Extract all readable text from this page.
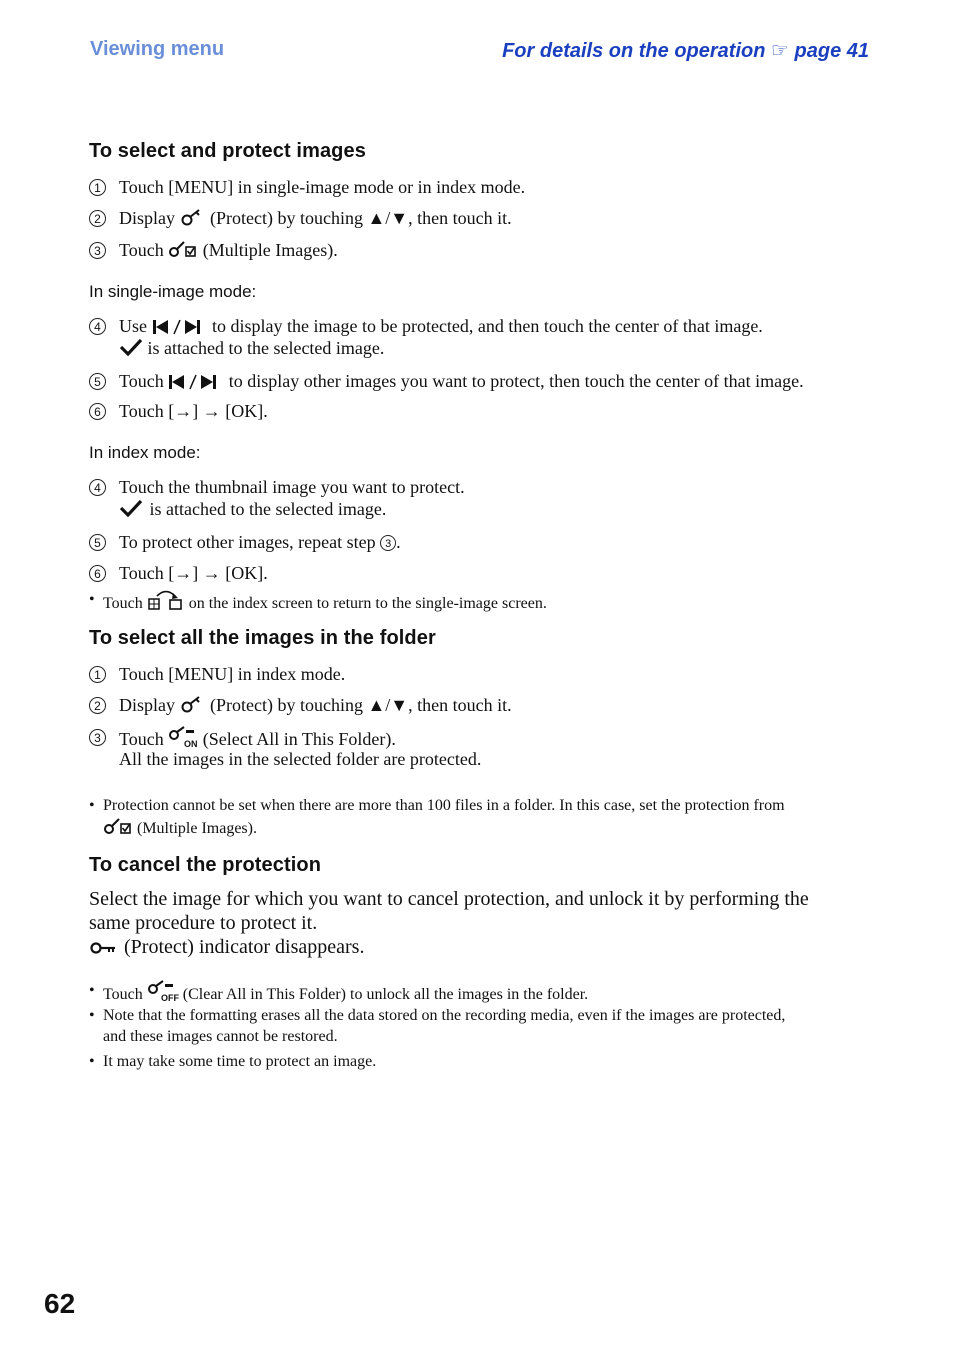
Viewing menu	For details on the operation ☞ page 41
To select and protect images
1 Touch [MENU] in single-image mode or in index mode.
2 Display (Protect) by touching ▲/▼, then touch it.
3 Touch (Multiple Images).
In single-image mode:
4 Use	to display the image to be protected, and then touch the center of that image.
is attached to the selected image.
5 Touch	to display other images you want to protect, then touch the center of that image.
6 Touch [→] → [OK].
In index mode:
4 Touch the thumbnail image you want to protect.
is attached to the selected image.
5 To protect other images, repeat step 3 .
6 Touch [→] → [OK].
• Touch	on the index screen to return to the single-image screen.
To select all the images in the folder
1 Touch [MENU] in index mode.
2 Display (Protect) by touching ▲/▼, then touch it.
3 Touch ON (Select All in This Folder).
All the images in the selected folder are protected.
• Protection cannot be set when there are more than 100 files in a folder. In this case, set the protection from
(Multiple Images).
To cancel the protection
Select the image for which you want to cancel protection, and unlock it by performing the
same procedure to protect it.
(Protect) indicator disappears.
• Touch OFF (Clear All in This Folder) to unlock all the images in the folder.
• Note that the formatting erases all the data stored on the recording media, even if the images are protected,
and these images cannot be restored.
• It may take some time to protect an image.
62
